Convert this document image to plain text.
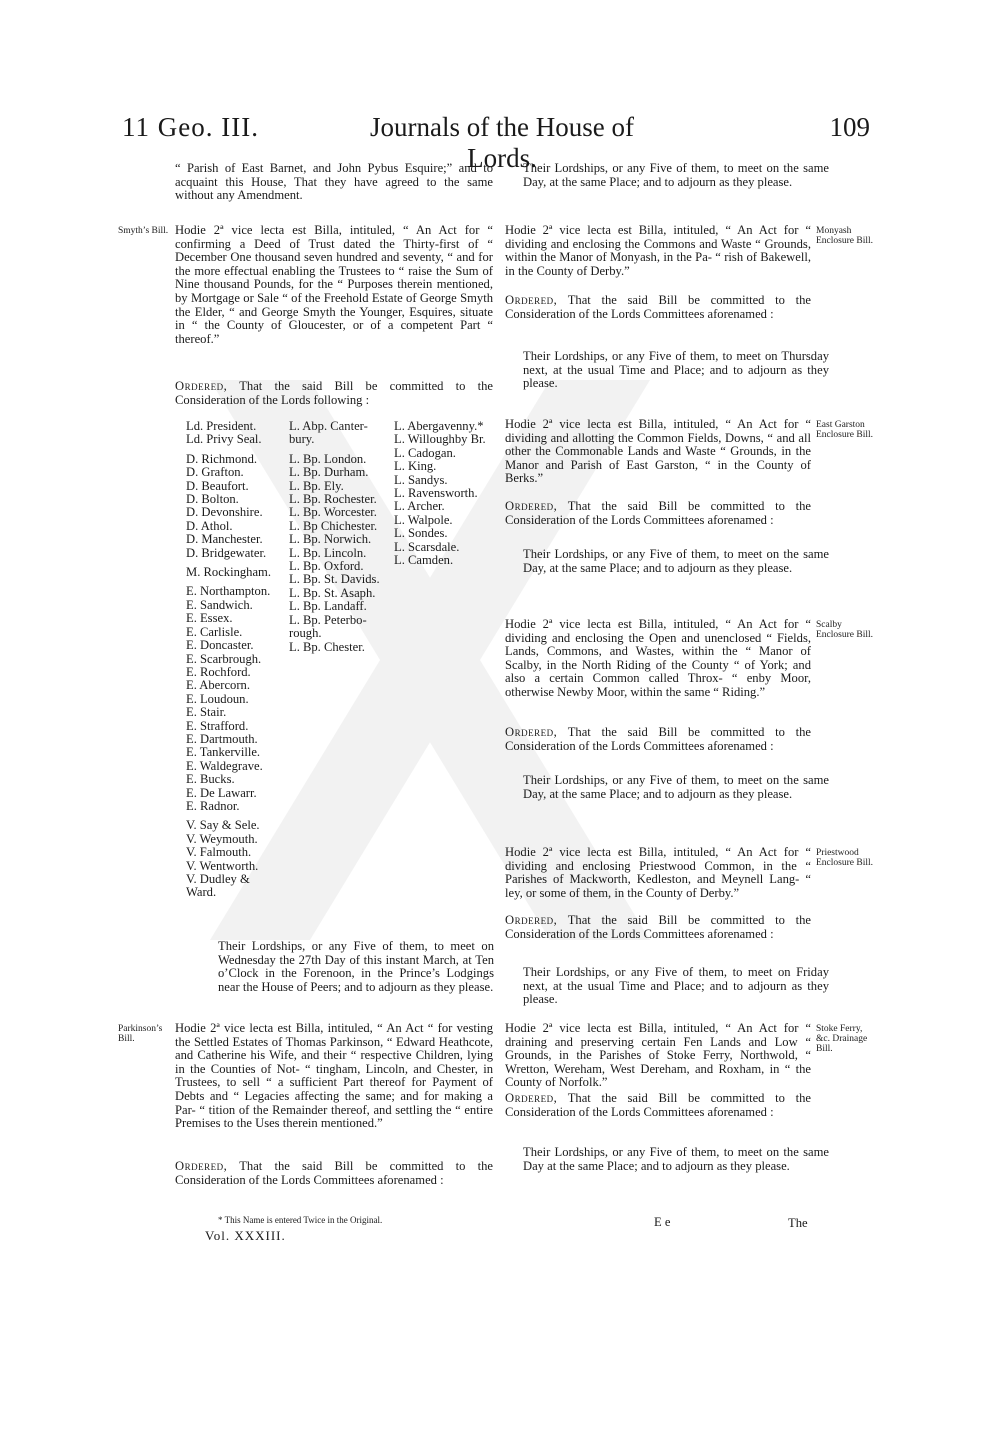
11 Geo. III.	Journals of the House of Lords.
109
“ Parish of East Barnet, and John Pybus Esquire;” and to acquaint this House, That they have agreed to the same without any Amendment.
Smyth’s Bill. Hodie 2ª vice lecta est Billa, intituled, “ An Act for “ confirming a Deed of Trust dated the Thirty-first of “ December One thousand seven hundred and seventy, “ and for the more effectual enabling the Trustees to “ raise the Sum of Nine thousand Pounds, for the “ Purposes therein mentioned, by Mortgage or Sale “ of the Freehold Estate of George Smyth the Elder, “ and George Smyth the Younger, Esquires, situate in “ the County of Gloucester, or of a competent Part “ thereof.”
Ordered, That the said Bill be committed to the Consideration of the Lords following :
Ld. President.
Ld. Privy Seal.
D. Richmond.
D. Grafton.
D. Beaufort.
D. Bolton.
D. Devonshire.
D. Athol.
D. Manchester.
D. Bridgewater.
M. Rockingham.
E. Northampton.
E. Sandwich.
E. Essex.
E. Carlisle.
E. Doncaster.
E. Scarbrough.
E. Rochford.
E. Abercorn.
E. Loudoun.
E. Stair.
E. Strafford.
E. Dartmouth.
E. Tankerville.
E. Waldegrave.
E. Bucks.
E. De Lawarr.
E. Radnor.
V. Say & Sele.
V. Weymouth.
V. Falmouth.
V. Wentworth.
V. Dudley &
Ward.
L. Abp. Canter-
bury.
L. Bp. London.
L. Bp. Durham.
L. Bp. Ely.
L. Bp. Rochester.
L. Bp. Worcester.
L. Bp Chichester.
L. Bp. Norwich.
L. Bp. Lincoln.
L. Bp. Oxford.
L. Bp. St. Davids.
L. Bp. St. Asaph.
L. Bp. Landaff.
L. Bp. Peterbo-
rough.
L. Bp. Chester.
L. Abergavenny.*
L. Willoughby Br.
L. Cadogan.
L. King.
L. Sandys.
L. Ravensworth.
L. Archer.
L. Walpole.
L. Sondes.
L. Scarsdale.
L. Camden.
Their Lordships, or any Five of them, to meet on Wednesday the 27th Day of this instant March, at Ten o’Clock in the Forenoon, in the Prince’s Lodgings near the House of Peers; and to adjourn as they please.
Parkinson’s Bill.
Hodie 2ª vice lecta est Billa, intituled, “ An Act “ for vesting the Settled Estates of Thomas Parkinson, “ Edward Heathcote, and Catherine his Wife, and their “ respective Children, lying in the Counties of Not- “ tingham, Lincoln, and Chester, in Trustees, to sell “ a sufficient Part thereof for Payment of Debts and “ Legacies affecting the same; and for making a Par- “ tition of the Remainder thereof, and settling the “ entire Premises to the Uses therein mentioned.”
Ordered, That the said Bill be committed to the Consideration of the Lords Committees aforenamed :
* This Name is entered Twice in the Original.
Vol. XXXIII.
Their Lordships, or any Five of them, to meet on the same Day, at the same Place; and to adjourn as they please.
Monyash Enclosure Bill.
Hodie 2ª vice lecta est Billa, intituled, “ An Act for “ dividing and enclosing the Commons and Waste “ Grounds, within the Manor of Monyash, in the Pa- “ rish of Bakewell, in the County of Derby.”
Ordered, That the said Bill be committed to the Consideration of the Lords Committees aforenamed :
Their Lordships, or any Five of them, to meet on Thursday next, at the usual Time and Place; and to adjourn as they please.
East Garston Enclosure Bill.
Hodie 2ª vice lecta est Billa, intituled, “ An Act for “ dividing and allotting the Common Fields, Downs, “ and all other the Commonable Lands and Waste “ Grounds, in the Manor and Parish of East Garston, “ in the County of Berks.”
Ordered, That the said Bill be committed to the Consideration of the Lords Committees aforenamed :
Their Lordships, or any Five of them, to meet on the same Day, at the same Place; and to adjourn as they please.
Scalby Enclosure Bill.
Hodie 2ª vice lecta est Billa, intituled, “ An Act for “ dividing and enclosing the Open and unenclosed “ Fields, Lands, Commons, and Wastes, within the “ Manor of Scalby, in the North Riding of the County “ of York; and also a certain Common called Throx- “ enby Moor, otherwise Newby Moor, within the same “ Riding.”
Ordered, That the said Bill be committed to the Consideration of the Lords Committees aforenamed :
Their Lordships, or any Five of them, to meet on the same Day, at the same Place; and to adjourn as they please.
Priestwood Enclosure Bill.
Hodie 2ª vice lecta est Billa, intituled, “ An Act for “ dividing and enclosing Priestwood Common, in the “ Parishes of Mackworth, Kedleston, and Meynell Lang- “ ley, or some of them, in the County of Derby.”
Ordered, That the said Bill be committed to the Consideration of the Lords Committees aforenamed :
Their Lordships, or any Five of them, to meet on Friday next, at the usual Time and Place; and to adjourn as they please.
Stoke Ferry, &c. Drainage Bill.
Hodie 2ª vice lecta est Billa, intituled, “ An Act for “ draining and preserving certain Fen Lands and Low “ Grounds, in the Parishes of Stoke Ferry, Northwold, “ Wretton, Wereham, West Dereham, and Roxham, in “ the County of Norfolk.”
Ordered, That the said Bill be committed to the Consideration of the Lords Committees aforenamed :
Their Lordships, or any Five of them, to meet on the same Day at the same Place; and to adjourn as they please.
E e	The
